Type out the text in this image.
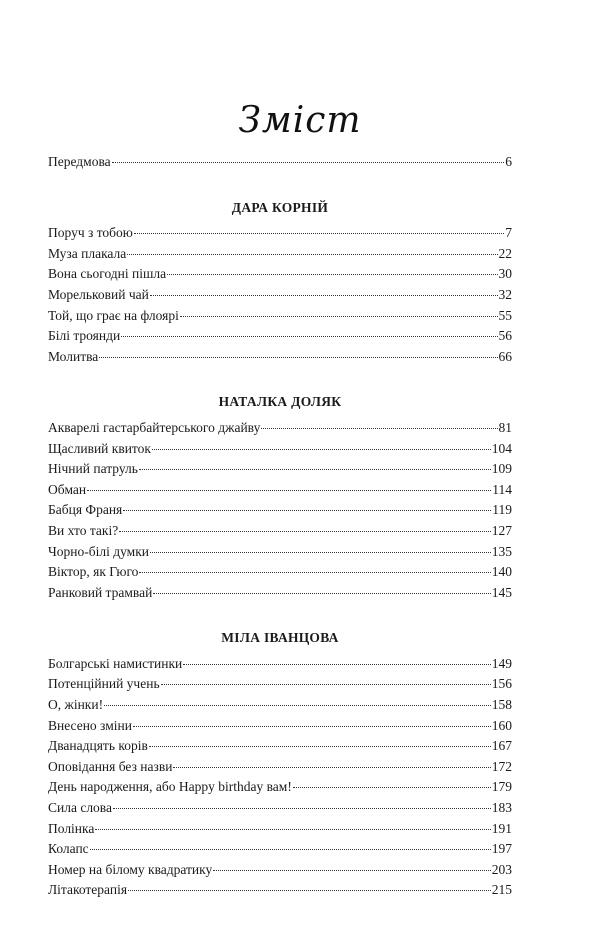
Зміст
Передмова	6
ДАРА КОРНІЙ
Поруч з тобою	7
Муза плакала	22
Вона сьогодні пішла	30
Морельковий чай	32
Той, що грає на флоярі	55
Білі троянди	56
Молитва	66
НАТАЛКА ДОЛЯК
Акварелі гастарбайтерського джайву	81
Щасливий квиток	104
Нічний патруль	109
Обман	114
Бабця Франя	119
Ви хто такі?	127
Чорно-білі думки	135
Віктор, як Гюго	140
Ранковий трамвай	145
МІЛА ІВАНЦОВА
Болгарські намистинки	149
Потенційний учень	156
О, жінки!	158
Внесено зміни	160
Дванадцять корів	167
Оповідання без назви	172
День народження, або Happy birthday вам!	179
Сила слова	183
Полінка	191
Колапс	197
Номер на білому квадратику	203
Літакотерапія	215
